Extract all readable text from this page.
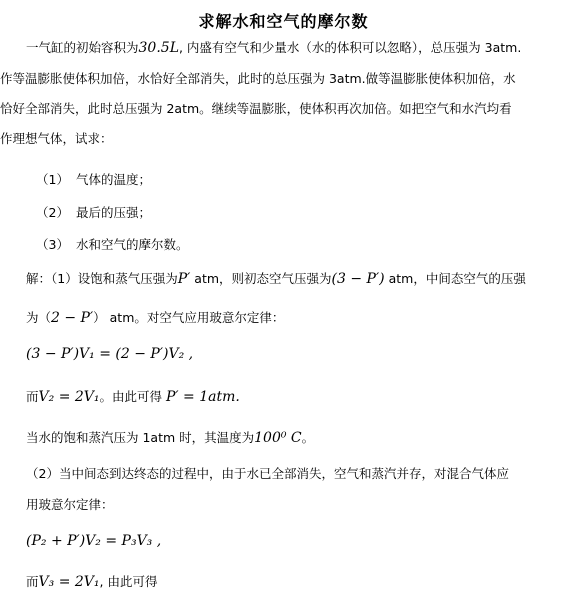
求解水和空气的摩尔数
一气缸的初始容积为30.5L, 内盛有空气和少量水（水的体积可以忽略），总压强为 3atm.
作等温膨胀使体积加倍，水恰好全部消失，此时的总压强为 3atm.做等温膨胀使体积加倍，水
恰好全部消失，此时总压强为 2atm。继续等温膨胀，使体积再次加倍。如把空气和水汽均看
作理想气体，试求：
（1） 气体的温度；
（2） 最后的压强；
（3） 水和空气的摩尔数。
解：（1）设饱和蒸气压强为P′ atm，则初态空气压强为(3 − P′) atm，中间态空气的压强
为（2 − P′） atm。对空气应用玻意尔定律：
(3 − P′)V₁ = (2 − P′)V₂ ,
而V₂ = 2V₁。由此可得 P′ = 1atm.
当水的饱和蒸汽压为 1atm 时，其温度为100⁰ C。
（2）当中间态到达终态的过程中，由于水已全部消失，空气和蒸汽并存，对混合气体应
用玻意尔定律：
(P₂ + P′)V₂ = P₃V₃ ,
而V₃ = 2V₁, 由此可得
